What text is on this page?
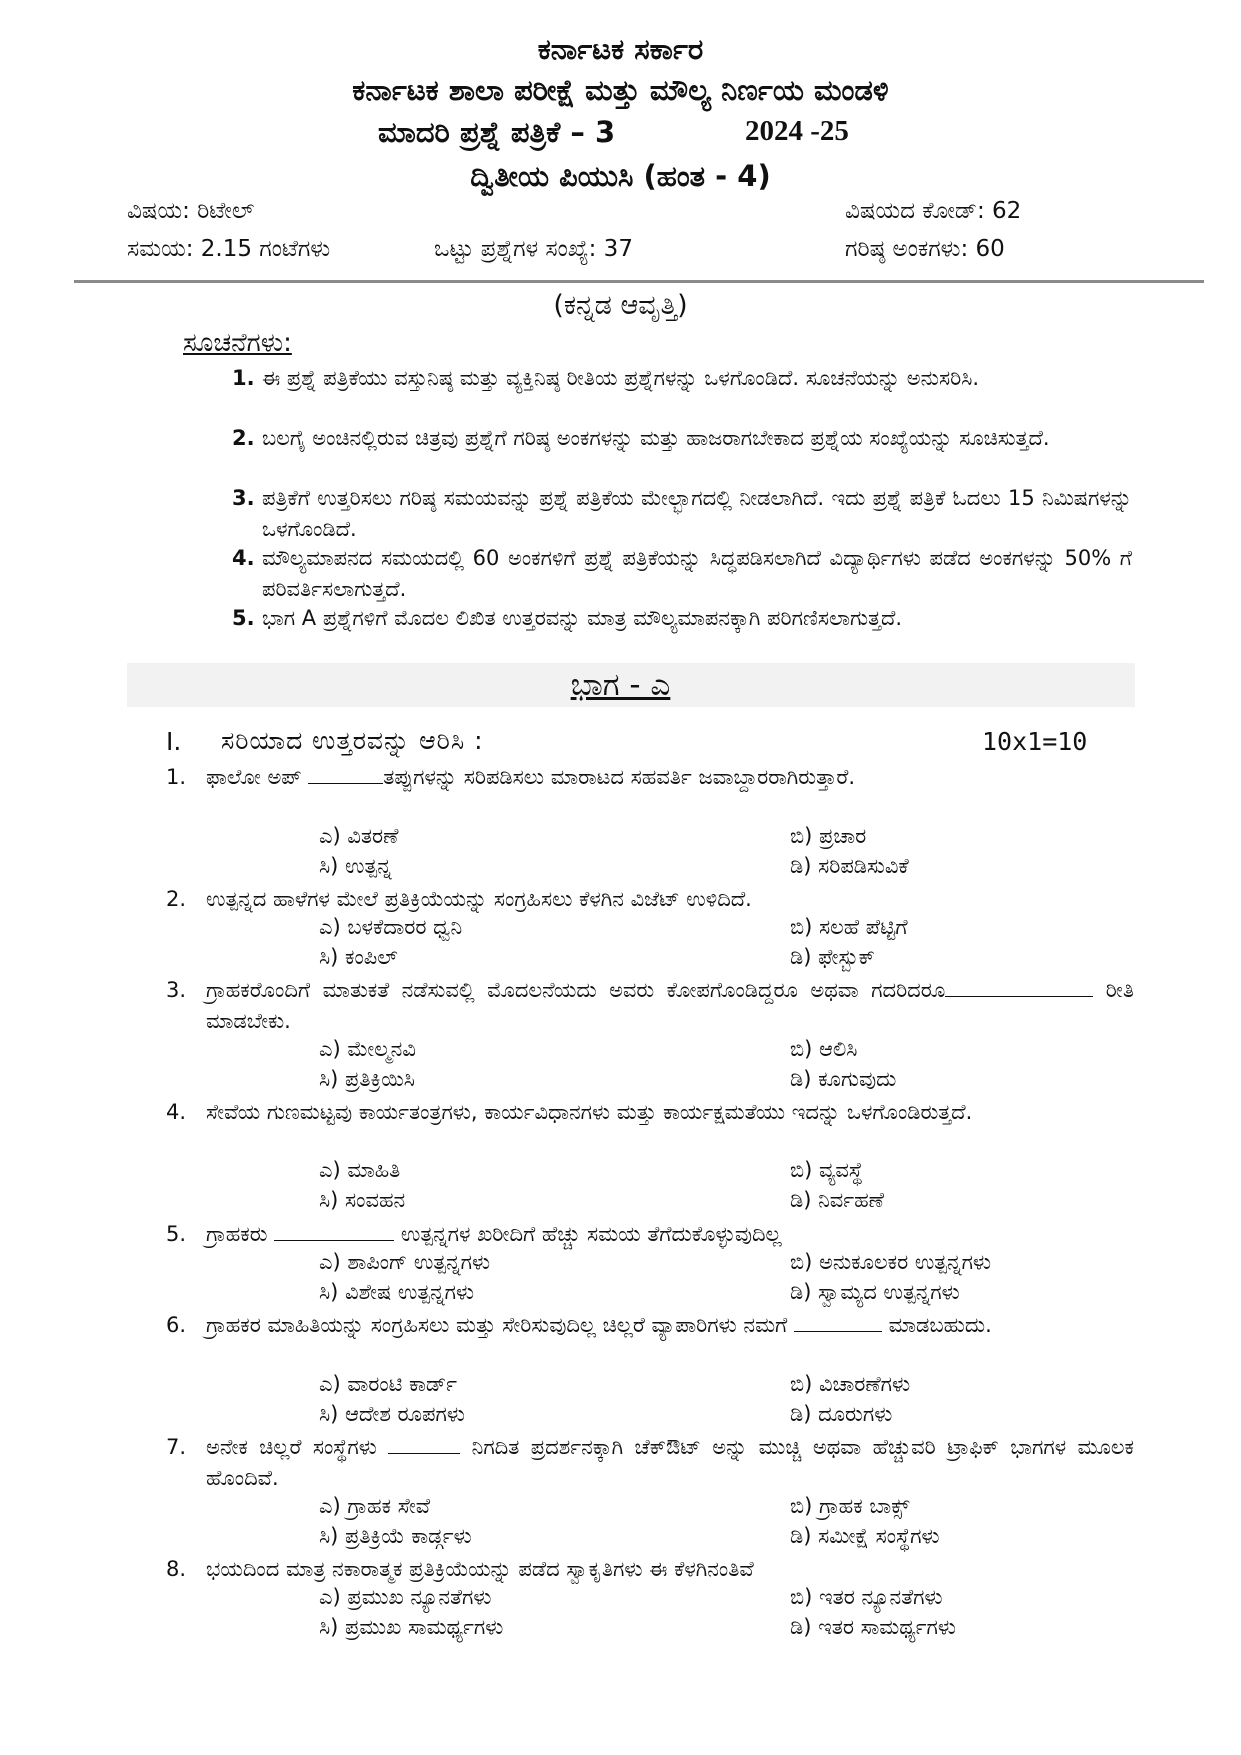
ಕರ್ನಾಟಕ ಸರ್ಕಾರ
ಕರ್ನಾಟಕ ಶಾಲಾ ಪರೀಕ್ಷೆ ಮತ್ತು ಮೌಲ್ಯ ನಿರ್ಣಯ ಮಂಡಳಿ
ಮಾದರಿ ಪ್ರಶ್ನೆ ಪತ್ರಿಕೆ – 3	2024 -25
ದ್ವಿತೀಯ ಪಿಯುಸಿ (ಹಂತ - 4)
ವಿಷಯ: ರಿಟೇಲ್	ವಿಷಯದ ಕೋಡ್: 62
ಸಮಯ: 2.15 ಗಂಟೆಗಳು	ಒಟ್ಟು ಪ್ರಶ್ನೆಗಳ ಸಂಖ್ಯೆ: 37	ಗರಿಷ್ಠ ಅಂಕಗಳು: 60
(ಕನ್ನಡ ಆವೃತ್ತಿ)
ಸೂಚನೆಗಳು:
1. ಈ ಪ್ರಶ್ನೆ ಪತ್ರಿಕೆಯು ವಸ್ತುನಿಷ್ಠ ಮತ್ತು ವ್ಯಕ್ತಿನಿಷ್ಠ ರೀತಿಯ ಪ್ರಶ್ನೆಗಳನ್ನು ಒಳಗೊಂಡಿದೆ. ಸೂಚನೆಯನ್ನು ಅನುಸರಿಸಿ.
2. ಬಲಗೈ ಅಂಚಿನಲ್ಲಿರುವ ಚಿತ್ರವು ಪ್ರಶ್ನೆಗೆ ಗರಿಷ್ಠ ಅಂಕಗಳನ್ನು ಮತ್ತು ಹಾಜರಾಗಬೇಕಾದ ಪ್ರಶ್ನೆಯ ಸಂಖ್ಯೆಯನ್ನು ಸೂಚಿಸುತ್ತದೆ.
3. ಪತ್ರಿಕೆಗೆ ಉತ್ತರಿಸಲು ಗರಿಷ್ಠ ಸಮಯವನ್ನು ಪ್ರಶ್ನೆ ಪತ್ರಿಕೆಯ ಮೇಲ್ಭಾಗದಲ್ಲಿ ನೀಡಲಾಗಿದೆ. ಇದು ಪ್ರಶ್ನೆ ಪತ್ರಿಕೆ ಓದಲು 15 ನಿಮಿಷಗಳನ್ನು ಒಳಗೊಂಡಿದೆ.
4. ಮೌಲ್ಯಮಾಪನದ ಸಮಯದಲ್ಲಿ 60 ಅಂಕಗಳಿಗೆ ಪ್ರಶ್ನೆ ಪತ್ರಿಕೆಯನ್ನು ಸಿದ್ಧಪಡಿಸಲಾಗಿದೆ ವಿದ್ಯಾರ್ಥಿಗಳು ಪಡೆದ ಅಂಕಗಳನ್ನು 50% ಗೆ ಪರಿವರ್ತಿಸಲಾಗುತ್ತದೆ.
5. ಭಾಗ A ಪ್ರಶ್ನೆಗಳಿಗೆ ಮೊದಲ ಲಿಖಿತ ಉತ್ತರವನ್ನು ಮಾತ್ರ ಮೌಲ್ಯಮಾಪನಕ್ಕಾಗಿ ಪರಿಗಣಿಸಲಾಗುತ್ತದೆ.
ಭಾಗ - ಎ
I. ಸರಿಯಾದ ಉತ್ತರವನ್ನು ಆರಿಸಿ :	10x1=10
1. ಫಾಲೋ ಅಪ್	ತಪ್ಪುಗಳನ್ನು ಸರಿಪಡಿಸಲು ಮಾರಾಟದ ಸಹವರ್ತಿ ಜವಾಬ್ದಾರರಾಗಿರುತ್ತಾರೆ.
ಎ) ವಿತರಣೆ	ಬಿ) ಪ್ರಚಾರ
ಸಿ) ಉತ್ಪನ್ನ	ಡಿ) ಸರಿಪಡಿಸುವಿಕೆ
2. ಉತ್ಪನ್ನದ ಹಾಳೆಗಳ ಮೇಲೆ ಪ್ರತಿಕ್ರಿಯೆಯನ್ನು ಸಂಗ್ರಹಿಸಲು ಕೆಳಗಿನ ವಿಜೆಟ್ ಉಳಿದಿದೆ.
ಎ) ಬಳಕೆದಾರರ ಧ್ವನಿ	ಬಿ) ಸಲಹೆ ಪೆಟ್ಟಿಗೆ
ಸಿ) ಕಂಪಿಲ್	ಡಿ) ಫೇಸ್ಬುಕ್
3. ಗ್ರಾಹಕರೊಂದಿಗೆ ಮಾತುಕತೆ ನಡೆಸುವಲ್ಲಿ ಮೊದಲನೆಯದು ಅವರು ಕೋಪಗೊಂಡಿದ್ದರೂ ಅಥವಾ ಗದರಿದರೂ	ರೀತಿ ಮಾಡಬೇಕು.
ಎ) ಮೇಲ್ಮನವಿ	ಬಿ) ಆಲಿಸಿ
ಸಿ) ಪ್ರತಿಕ್ರಿಯಿಸಿ	ಡಿ) ಕೂಗುವುದು
4. ಸೇವೆಯ ಗುಣಮಟ್ಟವು ಕಾರ್ಯತಂತ್ರಗಳು, ಕಾರ್ಯವಿಧಾನಗಳು ಮತ್ತು ಕಾರ್ಯಕ್ಷಮತೆಯು ಇದನ್ನು ಒಳಗೊಂಡಿರುತ್ತದೆ.
ಎ) ಮಾಹಿತಿ	ಬಿ) ವ್ಯವಸ್ಥೆ
ಸಿ) ಸಂವಹನ	ಡಿ) ನಿರ್ವಹಣೆ
5. ಗ್ರಾಹಕರು	ಉತ್ಪನ್ನಗಳ ಖರೀದಿಗೆ ಹೆಚ್ಚು ಸಮಯ ತೆಗೆದುಕೊಳ್ಳುವುದಿಲ್ಲ
ಎ) ಶಾಪಿಂಗ್ ಉತ್ಪನ್ನಗಳು	ಬಿ) ಅನುಕೂಲಕರ ಉತ್ಪನ್ನಗಳು
ಸಿ) ವಿಶೇಷ ಉತ್ಪನ್ನಗಳು	ಡಿ) ಸ್ವಾಮ್ಯದ ಉತ್ಪನ್ನಗಳು
6. ಗ್ರಾಹಕರ ಮಾಹಿತಿಯನ್ನು ಸಂಗ್ರಹಿಸಲು ಮತ್ತು ಸೇರಿಸುವುದಿಲ್ಲ ಚಿಲ್ಲರೆ ವ್ಯಾಪಾರಿಗಳು ನಮಗೆ	ಮಾಡಬಹುದು.
ಎ) ವಾರಂಟಿ ಕಾರ್ಡ್	ಬಿ) ವಿಚಾರಣೆಗಳು
ಸಿ) ಆದೇಶ ರೂಪಗಳು	ಡಿ) ದೂರುಗಳು
7. ಅನೇಕ ಚಿಲ್ಲರೆ ಸಂಸ್ಥೆಗಳು	ನಿಗದಿತ ಪ್ರದರ್ಶನಕ್ಕಾಗಿ ಚೆಕ್ಔಟ್ ಅನ್ನು ಮುಚ್ಚಿ ಅಥವಾ ಹೆಚ್ಚುವರಿ ಟ್ರಾಫಿಕ್ ಭಾಗಗಳ ಮೂಲಕ ಹೊಂದಿವೆ.
ಎ) ಗ್ರಾಹಕ ಸೇವೆ	ಬಿ) ಗ್ರಾಹಕ ಬಾಕ್ಸ್
ಸಿ) ಪ್ರತಿಕ್ರಿಯೆ ಕಾರ್ಡ್ಗಳು	ಡಿ) ಸಮೀಕ್ಷೆ ಸಂಸ್ಥೆಗಳು
8. ಭಯದಿಂದ ಮಾತ್ರ ನಕಾರಾತ್ಮಕ ಪ್ರತಿಕ್ರಿಯೆಯನ್ನು ಪಡೆದ ಸ್ವಾಕೃತಿಗಳು ಈ ಕೆಳಗಿನಂತಿವೆ
ಎ) ಪ್ರಮುಖ ನ್ಯೂನತೆಗಳು	ಬಿ) ಇತರ ನ್ಯೂನತೆಗಳು
ಸಿ) ಪ್ರಮುಖ ಸಾಮರ್ಥ್ಯಗಳು	ಡಿ) ಇತರ ಸಾಮರ್ಥ್ಯಗಳು
